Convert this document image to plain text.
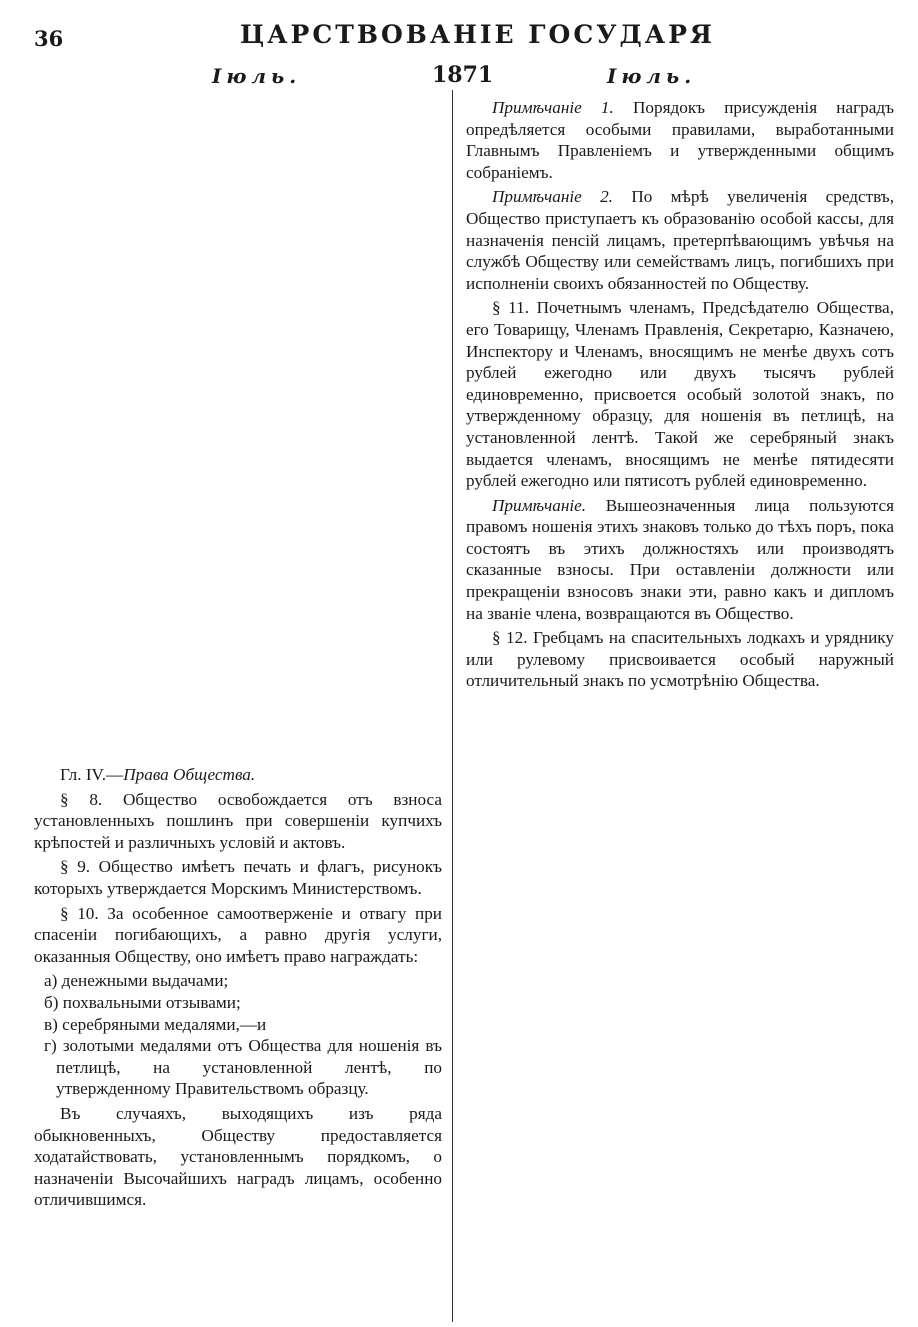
36	ЦАРСТВОВАНІЕ ГОСУДАРЯ
Іюль.	1871	Іюль.

Гл. IV.—Права Общества.

§ 8. Общество освобождается отъ взноса установленныхъ пошлинъ при совершеніи купчихъ крѣпостей и различныхъ условій и актовъ.

§ 9. Общество имѣетъ печать и флагъ, рисунокъ которыхъ утверждается Морскимъ Министерствомъ.

§ 10. За особенное самоотверженіе и отвагу при спасеніи погибающихъ, а равно другія услуги, оказанныя Обществу, оно имѣетъ право награждать:

а) денежными выдачами;

б) похвальными отзывами;

в) серебряными медалями,—и

г) золотыми медалями отъ Общества для ношенія въ петлицѣ, на установленной лентѣ, по утвержденному Правительствомъ образцу.

Въ случаяхъ, выходящихъ изъ ряда обыкновенныхъ, Обществу предоставляется ходатайствовать, установленнымъ порядкомъ, о назначеніи Высочайшихъ наградъ лицамъ, особенно отличившимся.

Примѣчаніе 1. Порядокъ присужденія наградъ опредѣляется особыми правилами, выработанными Главнымъ Правленіемъ и утвержденными общимъ собраніемъ.

Примѣчаніе 2. По мѣрѣ увеличенія средствъ, Общество приступаетъ къ образованію особой кассы, для назначенія пенсій лицамъ, претерпѣвающимъ увѣчья на службѣ Обществу или семействамъ лицъ, погибшихъ при исполненіи своихъ обязанностей по Обществу.

§ 11. Почетнымъ членамъ, Предсѣдателю Общества, его Товарищу, Членамъ Правленія, Секретарю, Казначею, Инспектору и Членамъ, вносящимъ не менѣе двухъ сотъ рублей ежегодно или двухъ тысячъ рублей единовременно, присвоется особый золотой знакъ, по утвержденному образцу, для ношенія въ петлицѣ, на установленной лентѣ. Такой же серебряный знакъ выдается членамъ, вносящимъ не менѣе пятидесяти рублей ежегодно или пятисотъ рублей единовременно.

Примѣчаніе. Вышеозначенныя лица пользуются правомъ ношенія этихъ знаковъ только до тѣхъ поръ, пока состоятъ въ этихъ должностяхъ или производятъ сказанные взносы. При оставленіи должности или прекращеніи взносовъ знаки эти, равно какъ и дипломъ на званіе члена, возвращаются въ Общество.

§ 12. Гребцамъ на спасительныхъ лодкахъ и уряднику или рулевому присвоивается особый наружный отличительный знакъ по усмотрѣнію Общества.
